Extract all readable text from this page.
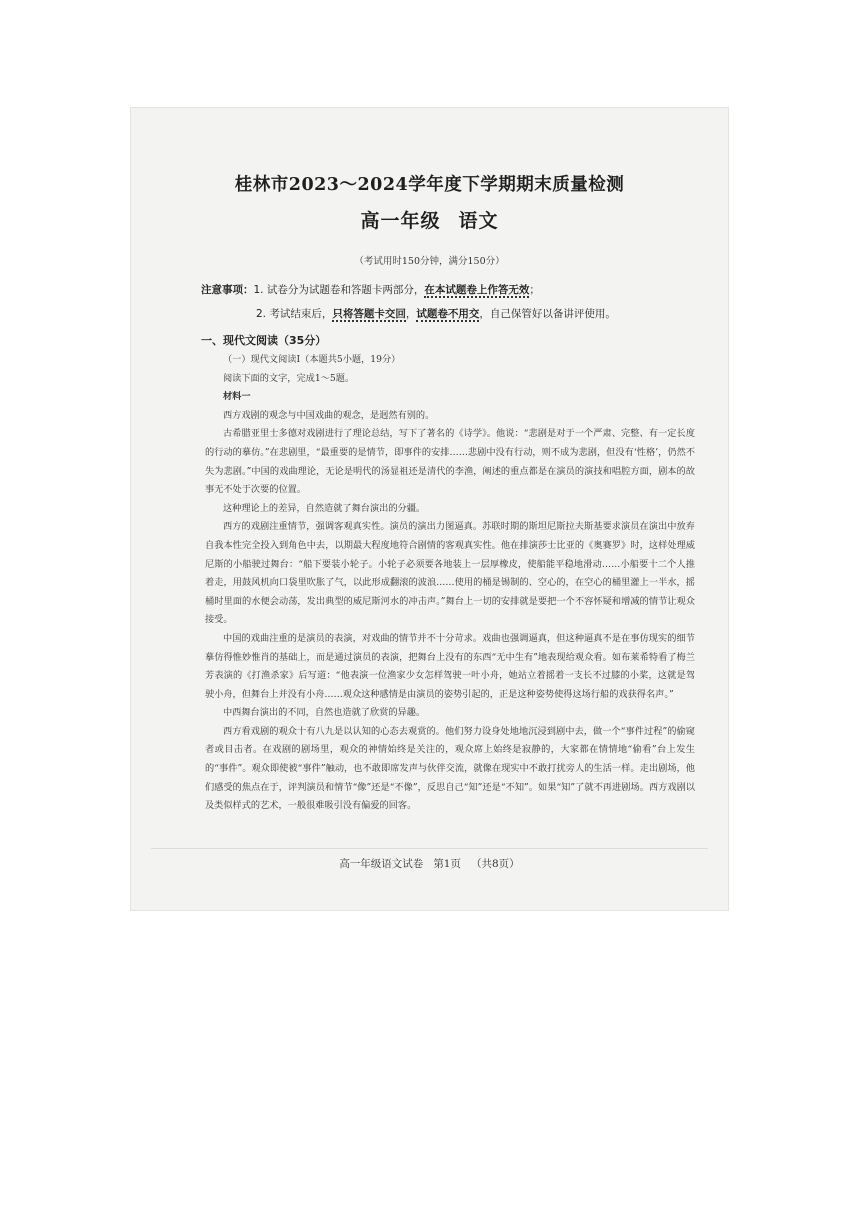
桂林市2023～2024学年度下学期期末质量检测
高一年级 语文
（考试用时150分钟，满分150分）
注意事项：1. 试卷分为试题卷和答题卡两部分，在本试题卷上作答无效；
2. 考试结束后，只将答题卡交回，试题卷不用交，自己保管好以备讲评使用。
一、现代文阅读（35分）

（一）现代文阅读Ⅰ（本题共5小题，19分）

阅读下面的文字，完成1～5题。

材料一

西方戏剧的观念与中国戏曲的观念，是迥然有别的。

古希腊亚里士多德对戏剧进行了理论总结，写下了著名的《诗学》。他说：“悲剧是对于一个严肃、完整、有一定长度的行动的摹仿。”在悲剧里，“最重要的是情节，即事件的安排……悲剧中没有行动，则不成为悲剧，但没有‘性格’，仍然不失为悲剧。”中国的戏曲理论，无论是明代的汤显祖还是清代的李渔，阐述的重点都是在演员的演技和唱腔方面，剧本的故事无不处于次要的位置。

这种理论上的差异，自然造就了舞台演出的分疆。

西方的戏剧注重情节，强调客观真实性。演员的演出力图逼真。苏联时期的斯坦尼斯拉夫斯基要求演员在演出中放弃自我本性完全投入到角色中去，以期最大程度地符合剧情的客观真实性。他在排演莎士比亚的《奥赛罗》时，这样处理威尼斯的小船驶过舞台：“船下要装小轮子。小轮子必须要各地装上一层厚橡皮，使船能平稳地滑动……小船要十二个人推着走，用鼓风机向口袋里吹胀了气，以此形成翻滚的波浪……使用的桶是锡制的、空心的，在空心的桶里灌上一半水，摇桶时里面的水便会动荡，发出典型的威尼斯河水的冲击声。”舞台上一切的安排就是要把一个不容怀疑和增减的情节让观众接受。

中国的戏曲注重的是演员的表演，对戏曲的情节并不十分苛求。戏曲也强调逼真，但这种逼真不是在事仿现实的细节摹仿得惟妙惟肖的基础上，而是通过演员的表演，把舞台上没有的东西“无中生有”地表现给观众看。如布莱希特看了梅兰芳表演的《打渔杀家》后写道：“他表演一位渔家少女怎样驾驶一叶小舟，她站立着摇着一支长不过膝的小桨，这就是驾驶小舟，但舞台上并没有小舟……观众这种感情是由演员的姿势引起的，正是这种姿势使得这场行船的戏获得名声。”

中西舞台演出的不同，自然也造就了欣赏的异趣。

西方看戏剧的观众十有八九是以认知的心态去观赏的。他们努力设身处地地沉浸到剧中去，做一个“事件过程”的偷窥者或目击者。在戏剧的剧场里，观众的神情始终是关注的，观众席上始终是寂静的，大家都在情情地“偷看”台上发生的“事件”。观众即使被“事件”触动，也不敢即席发声与伙伴交流，就像在现实中不敢打扰旁人的生活一样。走出剧场，他们感受的焦点在于，评判演员和情节“像”还是“不像”，反思自己“知”还是“不知”。如果“知”了就不再进剧场。西方戏剧以及类似样式的艺术，一般很难吸引没有偏爱的回客。

高一年级语文试卷 第1页 （共8页）
